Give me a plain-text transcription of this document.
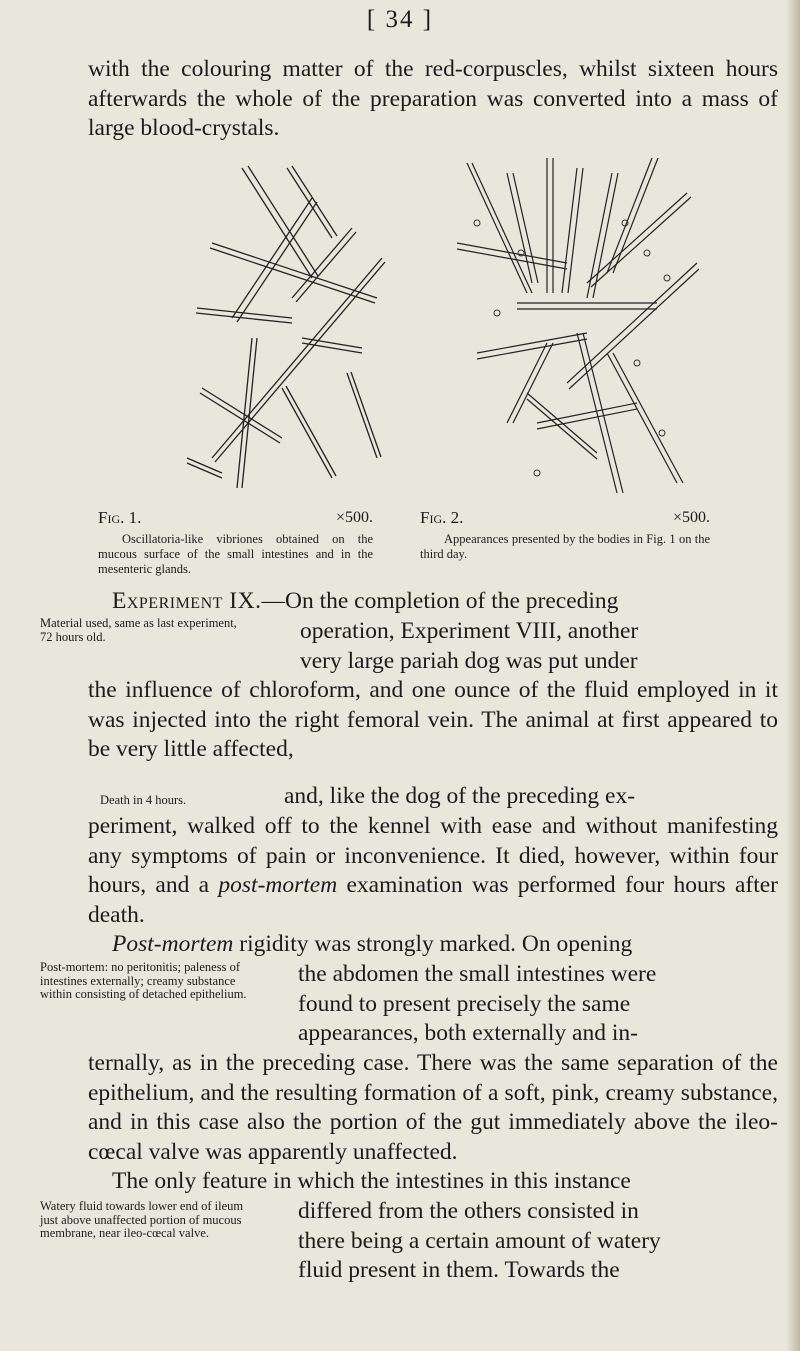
[ 34 ]

with the colouring matter of the red-corpuscles, whilst sixteen hours afterwards the whole of the preparation was converted into a mass of large blood-crystals.

Fig. 1.	×500.
Oscillatoria-like vibriones obtained on the mucous surface of the small intestines and in the mesenteric glands.
Fig. 2.	×500.
Appearances presented by the bodies in Fig. 1 on the third day.
Experiment IX.—On the completion of the preceding
Material used, same as last experiment, 72 hours old.	operation, Experiment VIII, another

very large pariah dog was put under

the influence of chloroform, and one ounce of the fluid employed in it was injected into the right femoral vein. The animal at first appeared to be very little affected,
Death in 4 hours.	and, like the dog of the preceding ex-
periment, walked off to the kennel with ease and without manifesting any symptoms of pain or inconvenience. It died, however, within four hours, and a post-mortem examination was performed four hours after death.
Post-mortem rigidity was strongly marked. On opening
Post-mortem: no peritonitis; paleness of intestines externally; creamy substance within consisting of detached epithelium.

the abdomen the small intestines were

found to present precisely the same

appearances, both externally and in-

ternally, as in the preceding case. There was the same separation of the epithelium, and the resulting formation of a soft, pink, creamy substance, and in this case also the portion of the gut immediately above the ileo-cœcal valve was apparently unaffected.
The only feature in which the intestines in this instance
Watery fluid towards lower end of ileum just above unaffected portion of mucous membrane, near ileo-cœcal valve.

differed from the others consisted in

there being a certain amount of watery

fluid present in them. Towards the
